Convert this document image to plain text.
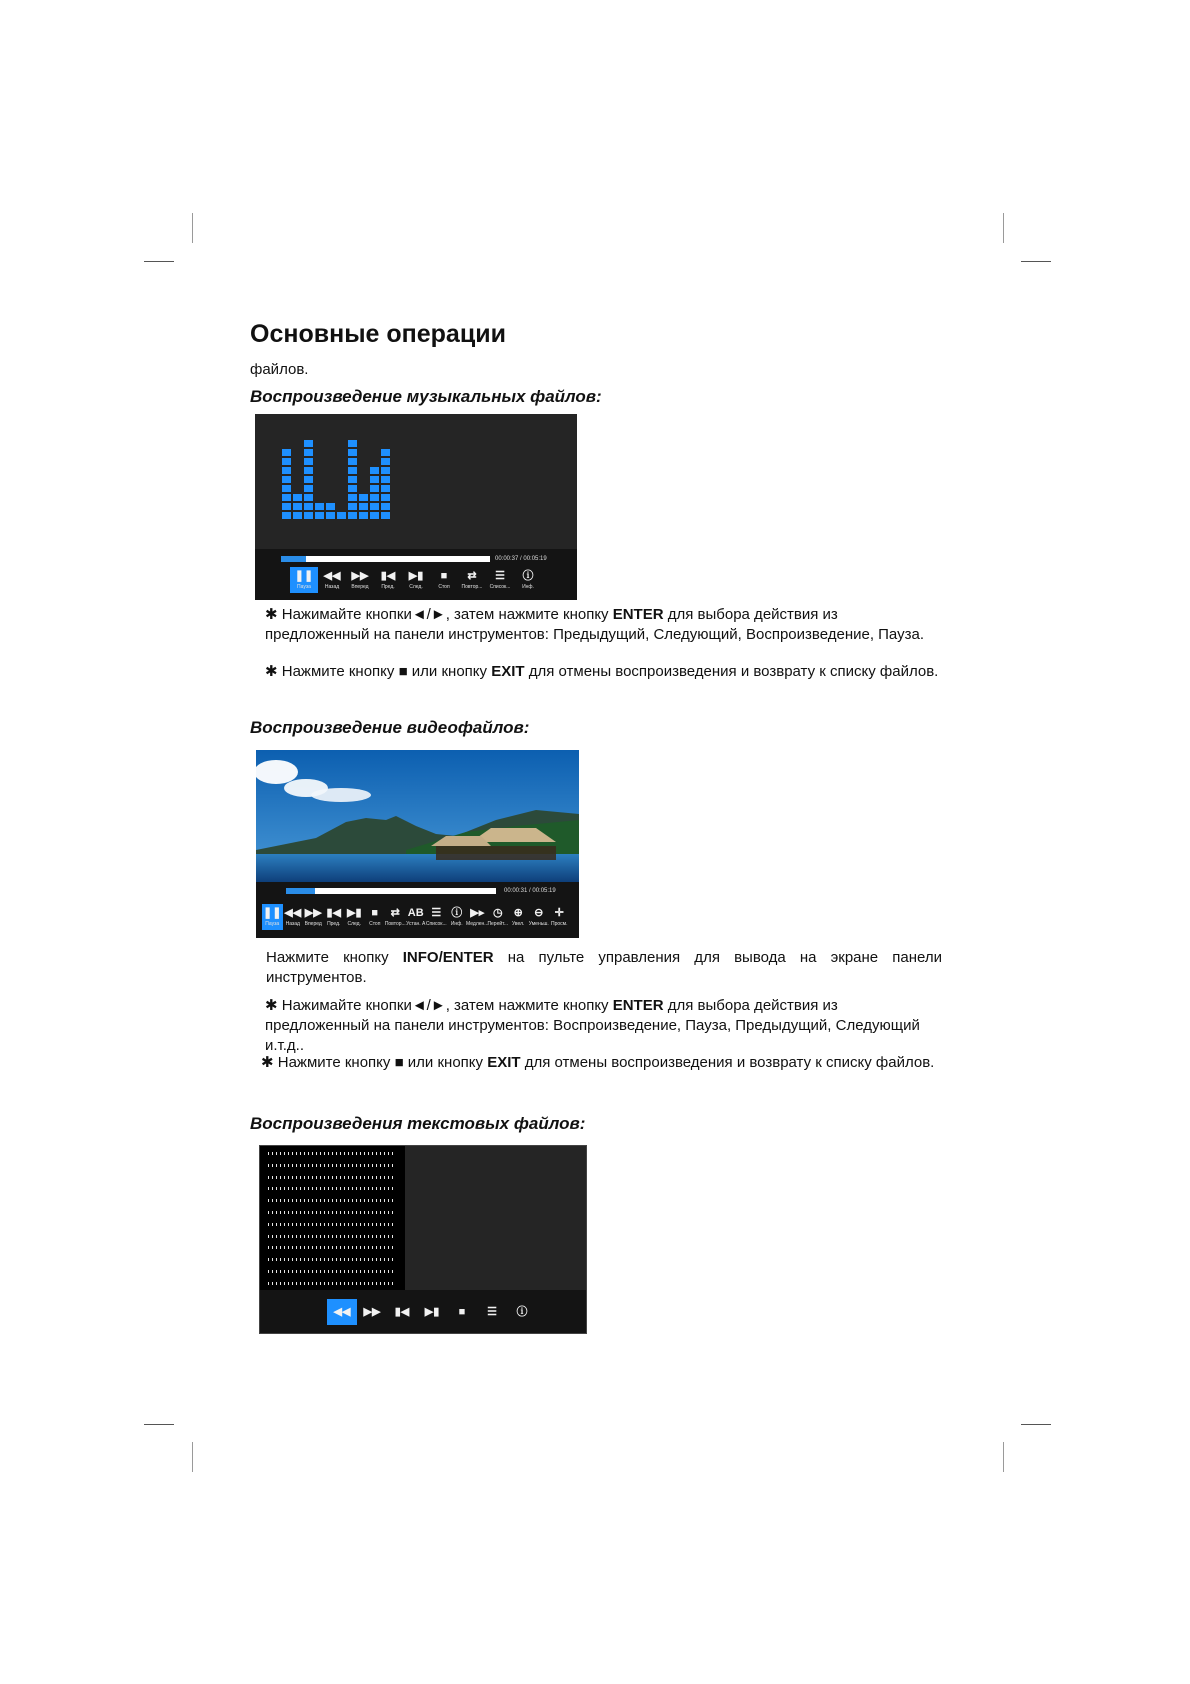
Основные операции

файлов.

Воспроизведение музыкальных файлов:
00:00:37 / 00:05:19
❚❚
Пауза
◀◀
Назад
▶▶
Вперед
▮◀
Пред.
▶▮
След.
■
Стоп
⇄
Повтор...
☰
Список...
ⓘ
Инф.

✱ Нажимайте кнопки◄/►, затем нажмите кнопку ENTER для выбора действия из предложенный на панели инструментов: Предыдущий, Следующий, Воспроизведение, Пауза.

✱ Нажмите кнопку ■ или кнопку EXIT для отмены воспроизведения и возврату к списку файлов.

Воспроизведение видеофайлов:
00:00:31 / 00:05:19
❚❚
Пауза
◀◀
Назад
▶▶
Вперед
▮◀
Пред.
▶▮
След.
■
Стоп
⇄
Повтор...
AB
Устан. А
☰
Список...
ⓘ
Инф.
▶▸
Медлен...
◷
Перейт...
⊕
Увел.
⊖
Уменьш.
✛
Просм.

Нажмите кнопку INFO/ENTER на пульте управления для вывода на экране панели инструментов.

✱ Нажимайте кнопки◄/►, затем нажмите кнопку ENTER для выбора действия из предложенный на панели инструментов: Воспроизведение, Пауза, Предыдущий, Следующий и.т.д..

✱ Нажмите кнопку ■ или кнопку EXIT для отмены воспроизведения и возврату к списку файлов.

Воспроизведения текстовых файлов:
◀◀ ▶▶ ▮◀ ▶▮ ■ ☰ ⓘ
